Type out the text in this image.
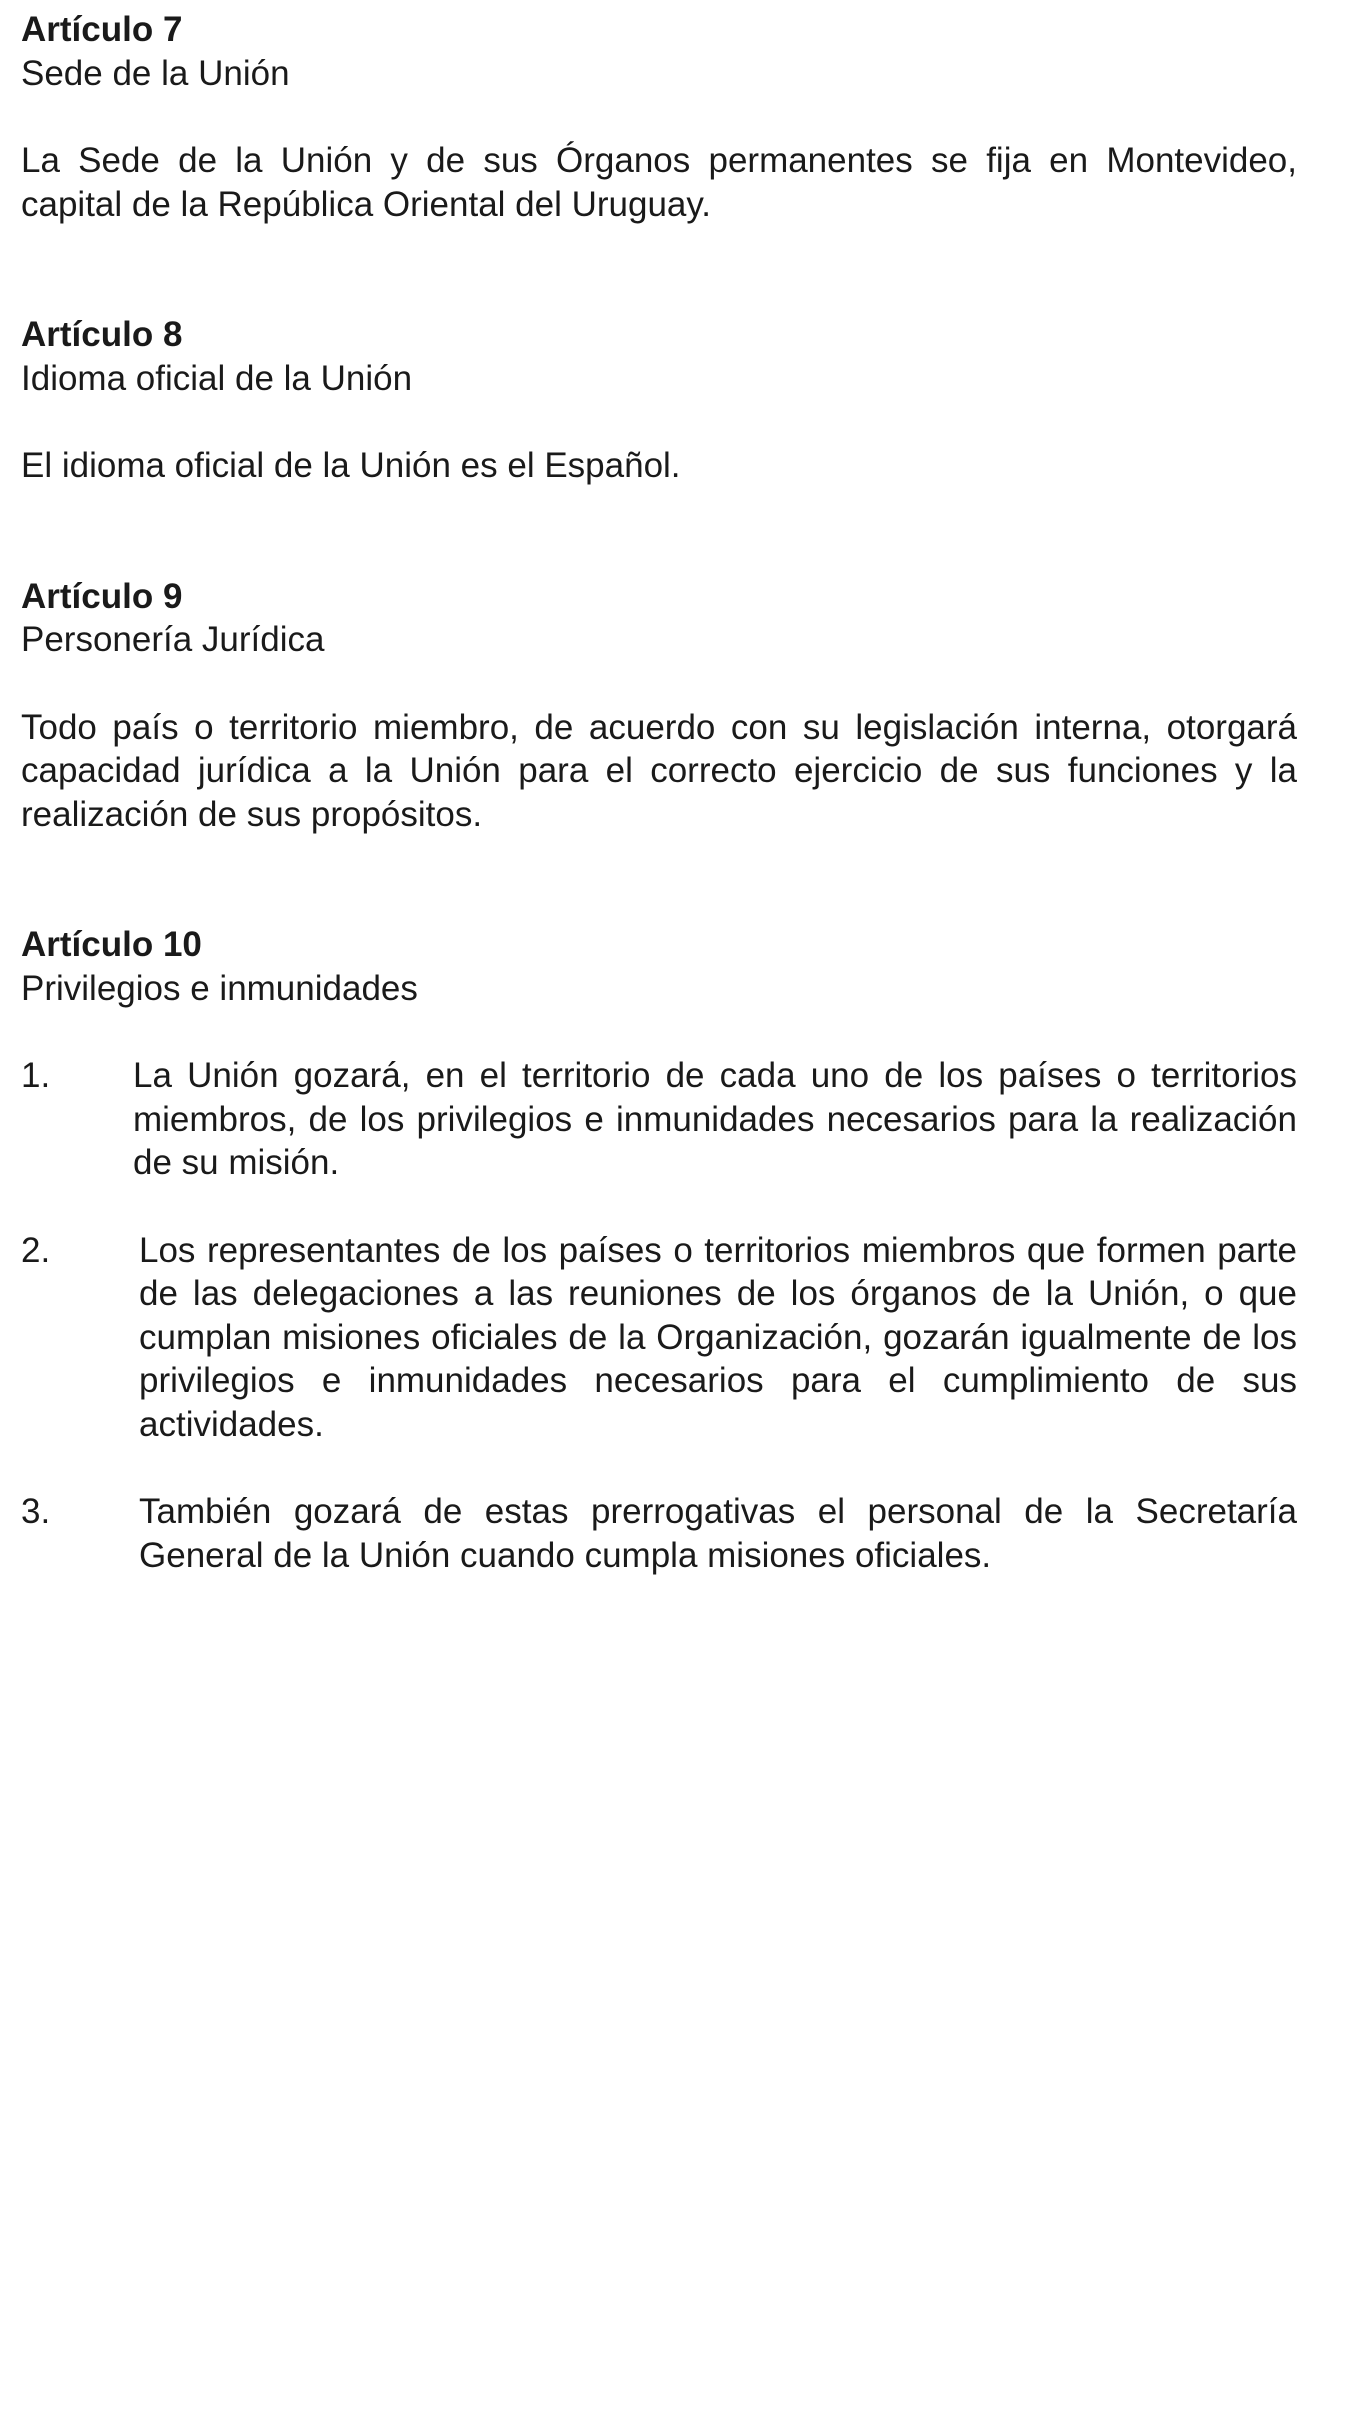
Artículo 7
Sede de la Unión
La Sede de la Unión y de sus Órganos permanentes se fija en Montevideo, capital de la República Oriental del Uruguay.
Artículo 8
Idioma oficial de la Unión
El idioma oficial de la Unión es el Español.
Artículo 9
Personería Jurídica
Todo país o territorio miembro, de acuerdo con su legislación interna, otorgará capacidad jurídica a la Unión para el correcto ejercicio de sus funciones y la realización de sus propósitos.
Artículo 10
Privilegios e inmunidades
1. La Unión gozará, en el territorio de cada uno de los países o territorios miembros, de los privilegios e inmunidades necesarios para la realización de su misión.
2.	Los representantes de los países o territorios miembros que formen parte de las delegaciones a las reuniones de los órganos de la Unión, o que cumplan misiones oficiales de la Organización, gozarán igualmente de los privilegios e inmunidades necesarios para el cumplimiento de sus actividades.
3.	También gozará de estas prerrogativas el personal de la Secretaría General de la Unión cuando cumpla misiones oficiales.
